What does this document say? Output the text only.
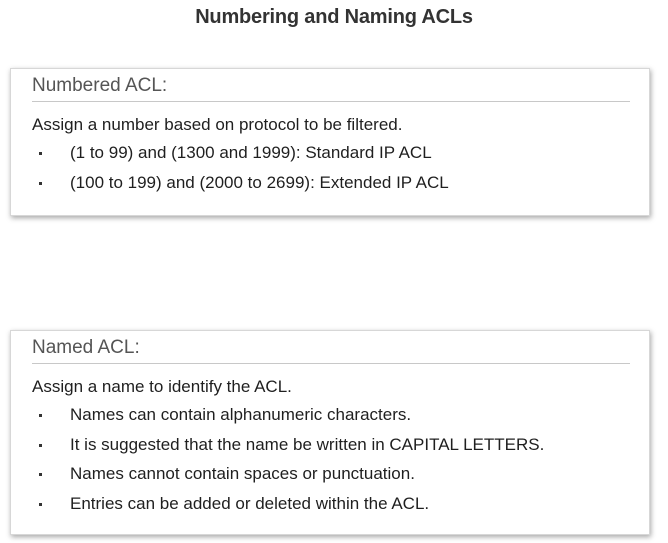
Numbering and Naming ACLs
Numbered ACL:
Assign a number based on protocol to be filtered.
(1 to 99) and (1300 and 1999): Standard IP ACL
(100 to 199) and (2000 to 2699): Extended IP ACL
Named ACL:
Assign a name to identify the ACL.
Names can contain alphanumeric characters.
It is suggested that the name be written in CAPITAL LETTERS.
Names cannot contain spaces or punctuation.
Entries can be added or deleted within the ACL.
